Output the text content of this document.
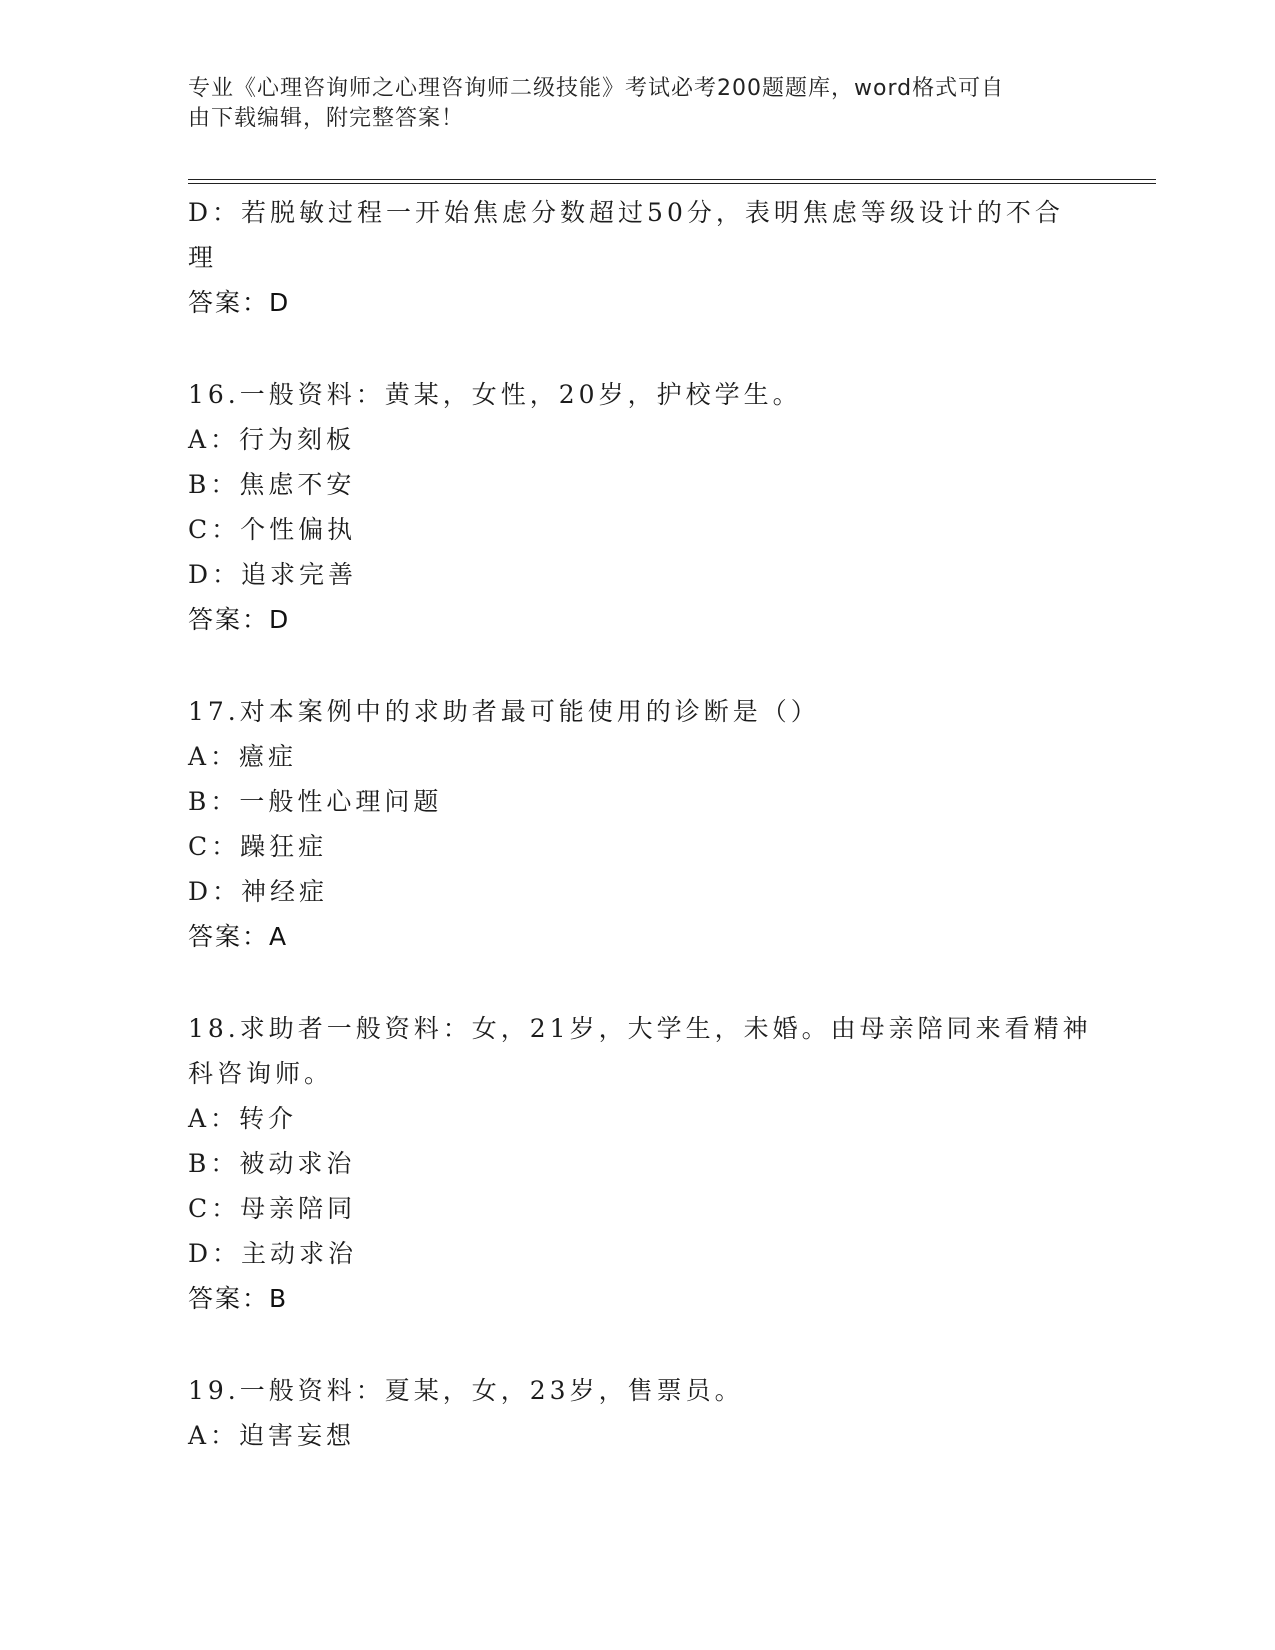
专业《心理咨询师之心理咨询师二级技能》考试必考200题题库，word格式可自
由下载编辑，附完整答案！
D：若脱敏过程一开始焦虑分数超过50分，表明焦虑等级设计的不合
理
答案：D
16.一般资料：黄某，女性，20岁，护校学生。
A：行为刻板
B：焦虑不安
C：个性偏执
D：追求完善
答案：D
17.对本案例中的求助者最可能使用的诊断是（）
A：癔症
B：一般性心理问题
C：躁狂症
D：神经症
答案：A
18.求助者一般资料：女，21岁，大学生，未婚。由母亲陪同来看精神
科咨询师。
A：转介
B：被动求治
C：母亲陪同
D：主动求治
答案：B
19.一般资料：夏某，女，23岁，售票员。
A：迫害妄想
